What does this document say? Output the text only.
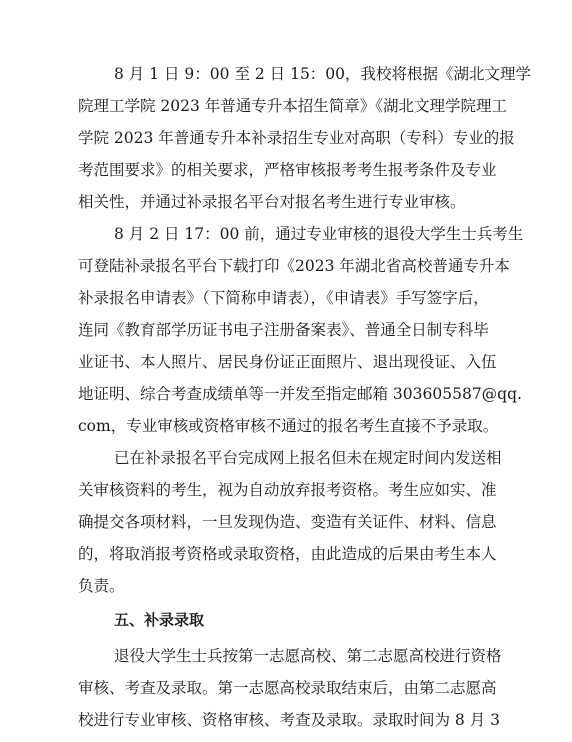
8 月 1 日 9：00 至 2 日 15：00，我校将根据《湖北文理学
院理工学院 2023 年普通专升本招生简章》《湖北文理学院理工
学院 2023 年普通专升本补录招生专业对高职（专科）专业的报
考范围要求》的相关要求，严格审核报考考生报考条件及专业
相关性，并通过补录报名平台对报名考生进行专业审核。
8 月 2 日 17：00 前，通过专业审核的退役大学生士兵考生
可登陆补录报名平台下载打印《2023 年湖北省高校普通专升本
补录报名申请表》（下简称申请表），《申请表》手写签字后，
连同《教育部学历证书电子注册备案表》、普通全日制专科毕
业证书、本人照片、居民身份证正面照片、退出现役证、入伍
地证明、综合考查成绩单等一并发至指定邮箱 303605587@qq.
com，专业审核或资格审核不通过的报名考生直接不予录取。
已在补录报名平台完成网上报名但未在规定时间内发送相
关审核资料的考生，视为自动放弃报考资格。考生应如实、准
确提交各项材料，一旦发现伪造、变造有关证件、材料、信息
的，将取消报考资格或录取资格，由此造成的后果由考生本人
负责。
五、补录录取
退役大学生士兵按第一志愿高校、第二志愿高校进行资格
审核、考查及录取。第一志愿高校录取结束后，由第二志愿高
校进行专业审核、资格审核、考查及录取。录取时间为 8 月 3
